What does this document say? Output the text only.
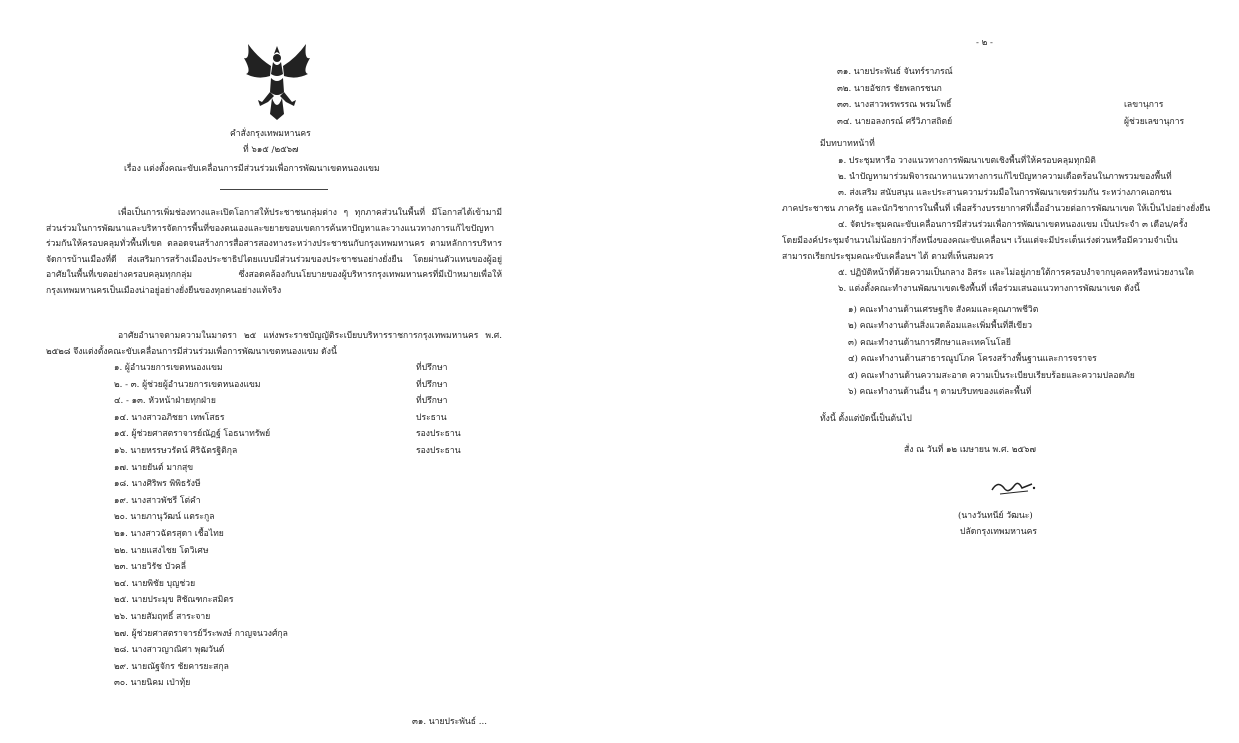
คำสั่งกรุงเทพมหานคร
ที่ ๖๑๕ /๒๕๖๗
เรื่อง แต่งตั้งคณะขับเคลื่อนการมีส่วนร่วมเพื่อการพัฒนาเขตหนองแขม
เพื่อเป็นการเพิ่มช่องทางและเปิดโอกาสให้ประชาชนกลุ่มต่าง ๆ ทุกภาคส่วนในพื้นที่ มีโอกาสได้เข้ามามีส่วนร่วมในการพัฒนาและบริหารจัดการพื้นที่ของตนเองและขยายขอบเขตการค้นหาปัญหาและวางแนวทางการแก้ไขปัญหาร่วมกันให้ครอบคลุมทั่วพื้นที่เขต ตลอดจนสร้างการสื่อสารสองทางระหว่างประชาชนกับกรุงเทพมหานคร ตามหลักการบริหารจัดการบ้านเมืองที่ดี ส่งเสริมการสร้างเมืองประชาธิปไตยแบบมีส่วนร่วมของประชาชนอย่างยั่งยืน โดยผ่านตัวแทนของผู้อยู่อาศัยในพื้นที่เขตอย่างครอบคลุมทุกกลุ่ม ซึ่งสอดคล้องกับนโยบายของผู้บริหารกรุงเทพมหานครที่มีเป้าหมายเพื่อให้กรุงเทพมหานครเป็นเมืองน่าอยู่อย่างยั่งยืนของทุกคนอย่างแท้จริง
อาศัยอำนาจตามความในมาตรา ๒๕ แห่งพระราชบัญญัติระเบียบบริหารราชการกรุงเทพมหานคร พ.ศ. ๒๕๒๘ จึงแต่งตั้งคณะขับเคลื่อนการมีส่วนร่วมเพื่อการพัฒนาเขตหนองแขม ดังนี้
๑. ผู้อำนวยการเขตหนองแขม	ที่ปรึกษา
๒. - ๓. ผู้ช่วยผู้อำนวยการเขตหนองแขม	ที่ปรึกษา
๔. - ๑๓. หัวหน้าฝ่ายทุกฝ่าย	ที่ปรึกษา
๑๔. นางสาวอภิชยา เทพโสธร	ประธาน
๑๕. ผู้ช่วยศาสตราจารย์ณัฏฐ์ โอธนาทรัพย์	รองประธาน
๑๖. นายหรรษวรัตน์ ศิริฉัตรฐิติกุล	รองประธาน
๑๗. นายยันต์ มากสุข
๑๘. นางศิริพร พิพิธรังษี
๑๙. นางสาวพัชรี โต่คำ
๒๐. นายภานุวัฒน์ แตระกูล
๒๑. นางสาวฉัตรสุดา เชื้อไทย
๒๒. นายแสงไชย โตวิเศษ
๒๓. นายวิรัช บัวคลี่
๒๔. นายพิชัย บุญช่วย
๒๕. นายประมุข สิชัณฑกะสมิตร
๒๖. นายสัมฤทธิ์ สาระจาย
๒๗. ผู้ช่วยศาสตราจารย์วีระพงษ์ กาญจนวงศ์กุล
๒๘. นางสาวญาณิศา พุฒวันต์
๒๙. นายณัฐจักร ชัยคารยะสกุล
๓๐. นายนิคม เป่าทุ้ย
๓๑. นายประพันธ์ ...
- ๒ -
๓๑. นายประพันธ์ จันทร์ราภรณ์
๓๒. นายอัชกร ชัยพลกรชนก
๓๓. นางสาวพรพรรณ พรมโพธิ์	เลขานุการ
๓๔. นายอลงกรณ์ ศรีวิภาสถิตย์	ผู้ช่วยเลขานุการ
มีบทบาทหน้าที่
๑. ประชุมหารือ วางแนวทางการพัฒนาเขตเชิงพื้นที่ให้ครอบคลุมทุกมิติ
๒. นำปัญหามาร่วมพิจารณาหาแนวทางการแก้ไขปัญหาความเดือดร้อนในภาพรวมของพื้นที่
๓. ส่งเสริม สนับสนุน และประสานความร่วมมือในการพัฒนาเขตร่วมกัน ระหว่างภาคเอกชน
ภาคประชาชน ภาครัฐ และนักวิชาการในพื้นที่ เพื่อสร้างบรรยากาศที่เอื้ออำนวยต่อการพัฒนาเขต ให้เป็นไปอย่างยั่งยืน
๔. จัดประชุมคณะขับเคลื่อนการมีส่วนร่วมเพื่อการพัฒนาเขตหนองแขม เป็นประจำ ๓ เดือน/ครั้ง
โดยมีองค์ประชุมจำนวนไม่น้อยกว่ากึ่งหนึ่งของคณะขับเคลื่อนฯ เว้นแต่จะมีประเด็นเร่งด่วนหรือมีความจำเป็น
สามารถเรียกประชุมคณะขับเคลื่อนฯ ได้ ตามที่เห็นสมควร
๕. ปฏิบัติหน้าที่ด้วยความเป็นกลาง อิสระ และไม่อยู่ภายใต้การครอบงำจากบุคคลหรือหน่วยงานใด
๖. แต่งตั้งคณะทำงานพัฒนาเขตเชิงพื้นที่ เพื่อร่วมเสนอแนวทางการพัฒนาเขต ดังนี้
๑) คณะทำงานด้านเศรษฐกิจ สังคมและคุณภาพชีวิต
๒) คณะทำงานด้านสิ่งแวดล้อมและเพิ่มพื้นที่สีเขียว
๓) คณะทำงานด้านการศึกษาและเทคโนโลยี
๔) คณะทำงานด้านสาธารณูปโภค โครงสร้างพื้นฐานและการจราจร
๕) คณะทำงานด้านความสะอาด ความเป็นระเบียบเรียบร้อยและความปลอดภัย
๖) คณะทำงานด้านอื่น ๆ ตามบริบทของแต่ละพื้นที่
ทั้งนี้ ตั้งแต่บัดนี้เป็นต้นไป
สั่ง ณ วันที่ ๑๒ เมษายน พ.ศ. ๒๕๖๗
(นางวันทนีย์ วัฒนะ)
ปลัดกรุงเทพมหานคร
